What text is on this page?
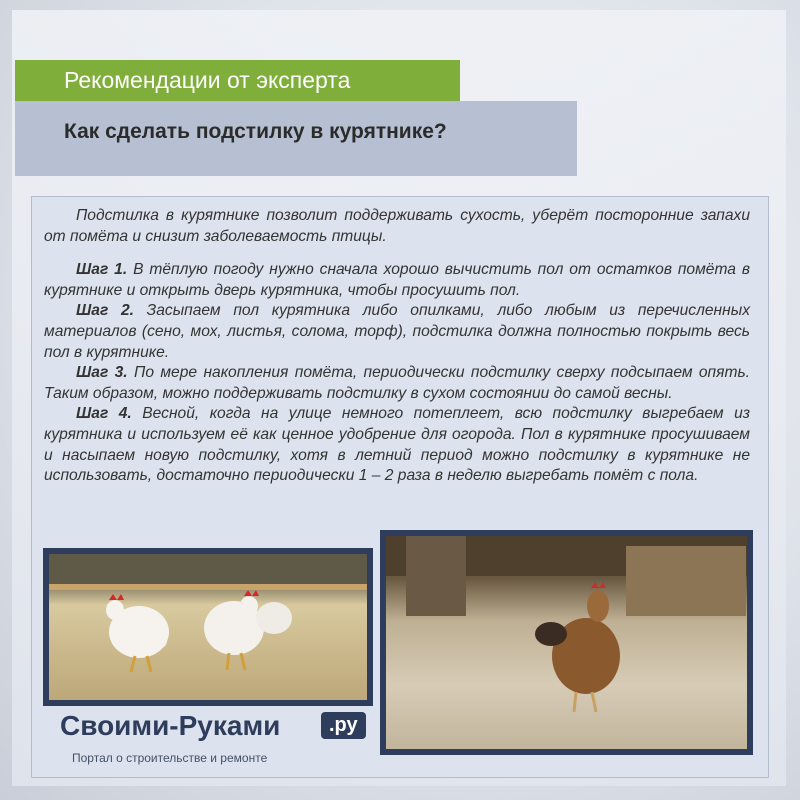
Рекомендации от эксперта
Как сделать подстилку в курятнике?

Подстилка в курятнике позволит поддерживать сухость, уберёт посторонние запахи от помёта и снизит заболеваемость птицы.

Шаг 1. В тёплую погоду нужно сначала хорошо вычистить пол от остатков помёта в курятнике и открыть дверь курятника, чтобы просушить пол.

Шаг 2. Засыпаем пол курятника либо опилками, либо любым из перечисленных материалов (сено, мох, листья, солома, торф), подстилка должна полностью покрыть весь пол в курятнике.

Шаг 3. По мере накопления помёта, периодически подстилку сверху подсыпаем опять. Таким образом, можно поддерживать подстилку в сухом состоянии до самой весны.

Шаг 4. Весной, когда на улице немного потеплеет, всю подстилку выгребаем из курятника и используем её как ценное удобрение для огорода. Пол в курятнике просушиваем и насыпаем новую подстилку, хотя в летний период можно подстилку в курятнике не использовать, достаточно периодически 1 – 2 раза в неделю выгребать помёт с пола.

Своими-Руками	.ру
Портал о строительстве и ремонте
